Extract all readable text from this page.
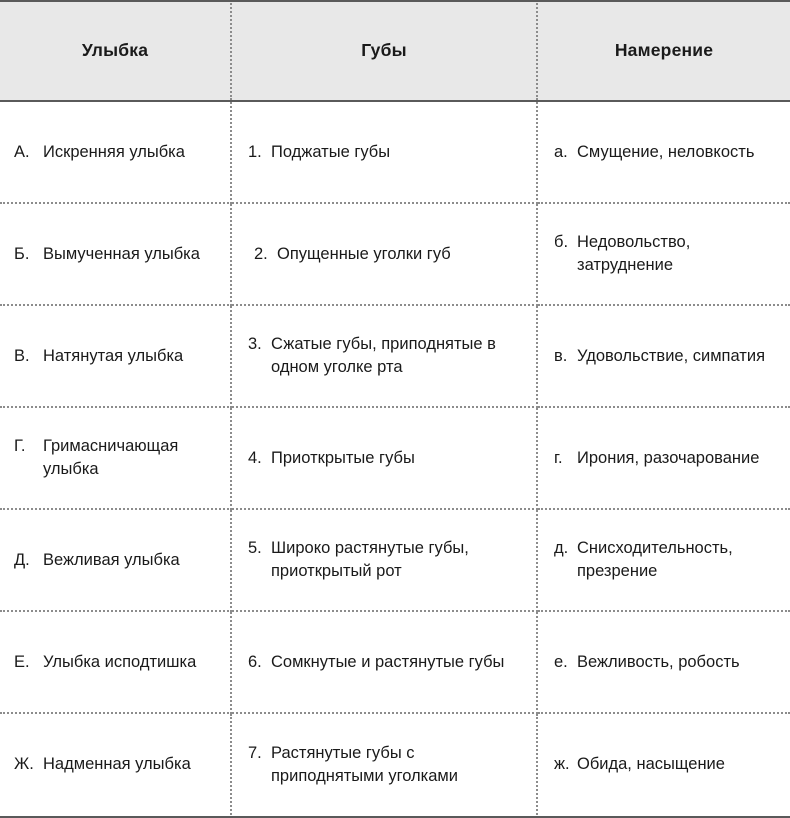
Улыбка	Губы	Намерение

А. Искренняя улыбка	1. Поджатые губы	а. Смущение, неловкость

Б. Вымученная улыбка	2. Опущенные уголки губ	б. Недовольство, затруднение

В. Натянутая улыбка	3. Сжатые губы, приподнятые в одном уголке рта	в. Удовольствие, симпатия

Г. Гримасничающая улыбка	4. Приоткрытые губы	г. Ирония, разочарование

Д. Вежливая улыбка	5. Широко растянутые губы, приоткрытый рот	д. Снисходительность, презрение

Е. Улыбка исподтишка	6. Сомкнутые и растянутые губы	е. Вежливость, робость

Ж. Надменная улыбка	7. Растянутые губы с приподнятыми уголками	ж. Обида, насыщение
